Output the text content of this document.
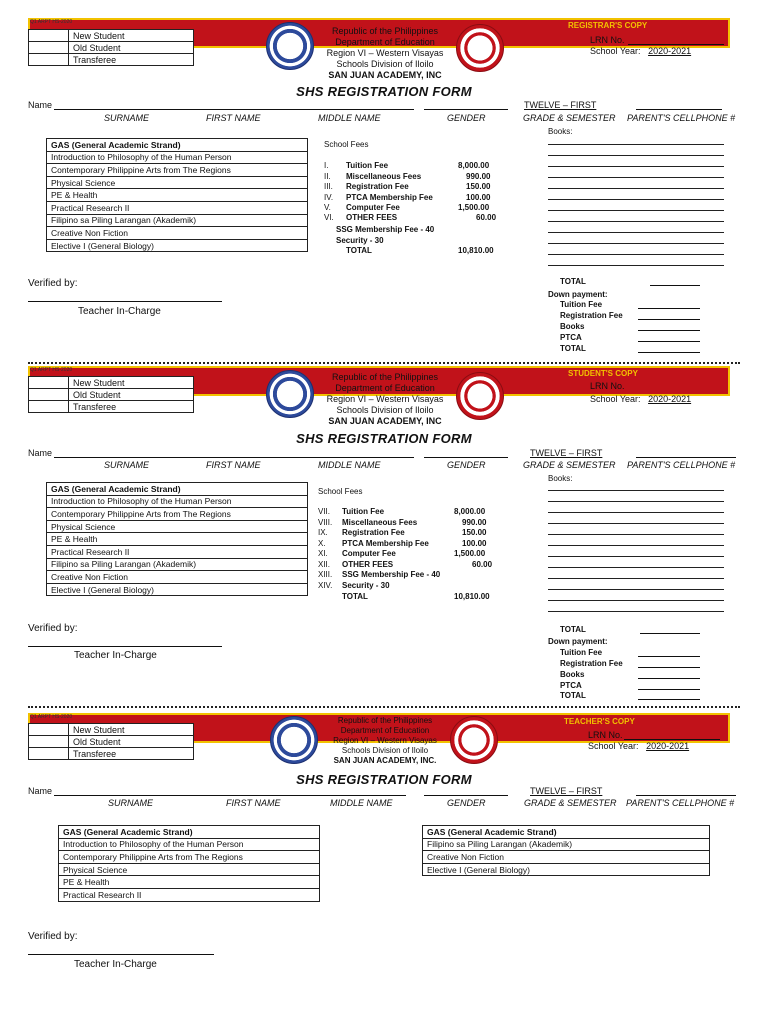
Q1 ARPT HS-2020
	New Student
	Old Student
	Transferee
Republic of the Philippines
Department of Education
Region VI – Western Visayas
Schools Division of Iloilo
SAN JUAN ACADEMY, INC
REGISTRAR'S COPY
LRN No.
School Year: 2020-2021
SHS REGISTRATION FORM
Name	TWELVE – FIRST
SURNAME	FIRST NAME	MIDDLE NAME	GENDER	GRADE & SEMESTER PARENT'S CELLPHONE #
GAS (General Academic Strand)
Introduction to Philosophy of the Human Person
Contemporary Philippine Arts from The Regions
Physical Science
PE & Health
Practical Research II
Filipino sa Piling Larangan (Akademik)
Creative Non Fiction
Elective I (General Biology)
School Fees
I. Tuition Fee	8,000.00
II. Miscellaneous Fees	990.00
III. Registration Fee	150.00
IV. PTCA Membership Fee	100.00
V. Computer Fee	1,500.00
VI. OTHER FEES	60.00
SSG Membership Fee - 40
Security - 30
TOTAL	10,810.00
Books:
TOTAL
Down payment:
Tuition Fee
Registration Fee
Books
PTCA
TOTAL
Verified by:
Teacher In-Charge
Q1 ARPT HS-2020
	New Student
	Old Student
	Transferee
Republic of the Philippines
Department of Education
Region VI – Western Visayas
Schools Division of Iloilo
SAN JUAN ACADEMY, INC
STUDENT'S COPY
LRN No.
School Year: 2020-2021
SHS REGISTRATION FORM
Name	TWELVE – FIRST
SURNAME	FIRST NAME	MIDDLE NAME	GENDER	GRADE & SEMESTER PARENT'S CELLPHONE #
GAS (General Academic Strand)
Introduction to Philosophy of the Human Person
Contemporary Philippine Arts from The Regions
Physical Science
PE & Health
Practical Research II
Filipino sa Piling Larangan (Akademik)
Creative Non Fiction
Elective I (General Biology)
School Fees
VII. Tuition Fee	8,000.00
VIII. Miscellaneous Fees	990.00
IX. Registration Fee	150.00
X. PTCA Membership Fee	100.00
XI. Computer Fee	1,500.00
XII. OTHER FEES	60.00
XIII. SSG Membership Fee - 40
XIV. Security - 30
TOTAL	10,810.00
Books:
TOTAL
Down payment:
Tuition Fee
Registration Fee
Books
PTCA
TOTAL
Verified by:
Teacher In-Charge
Q1 ARPT HS-2020
	New Student
	Old Student
	Transferee
Republic of the Philippines
Department of Education
Region VI – Western Visayas
Schools Division of Iloilo
SAN JUAN ACADEMY, INC.
TEACHER'S COPY
LRN No.
School Year: 2020-2021
SHS REGISTRATION FORM
Name	TWELVE – FIRST
SURNAME	FIRST NAME	MIDDLE NAME	GENDER	GRADE & SEMESTER PARENT'S CELLPHONE #
GAS (General Academic Strand)
Introduction to Philosophy of the Human Person
Contemporary Philippine Arts from The Regions
Physical Science
PE & Health
Practical Research II
GAS (General Academic Strand)
Filipino sa Piling Larangan (Akademik)
Creative Non Fiction
Elective I (General Biology)
Verified by:
Teacher In-Charge
